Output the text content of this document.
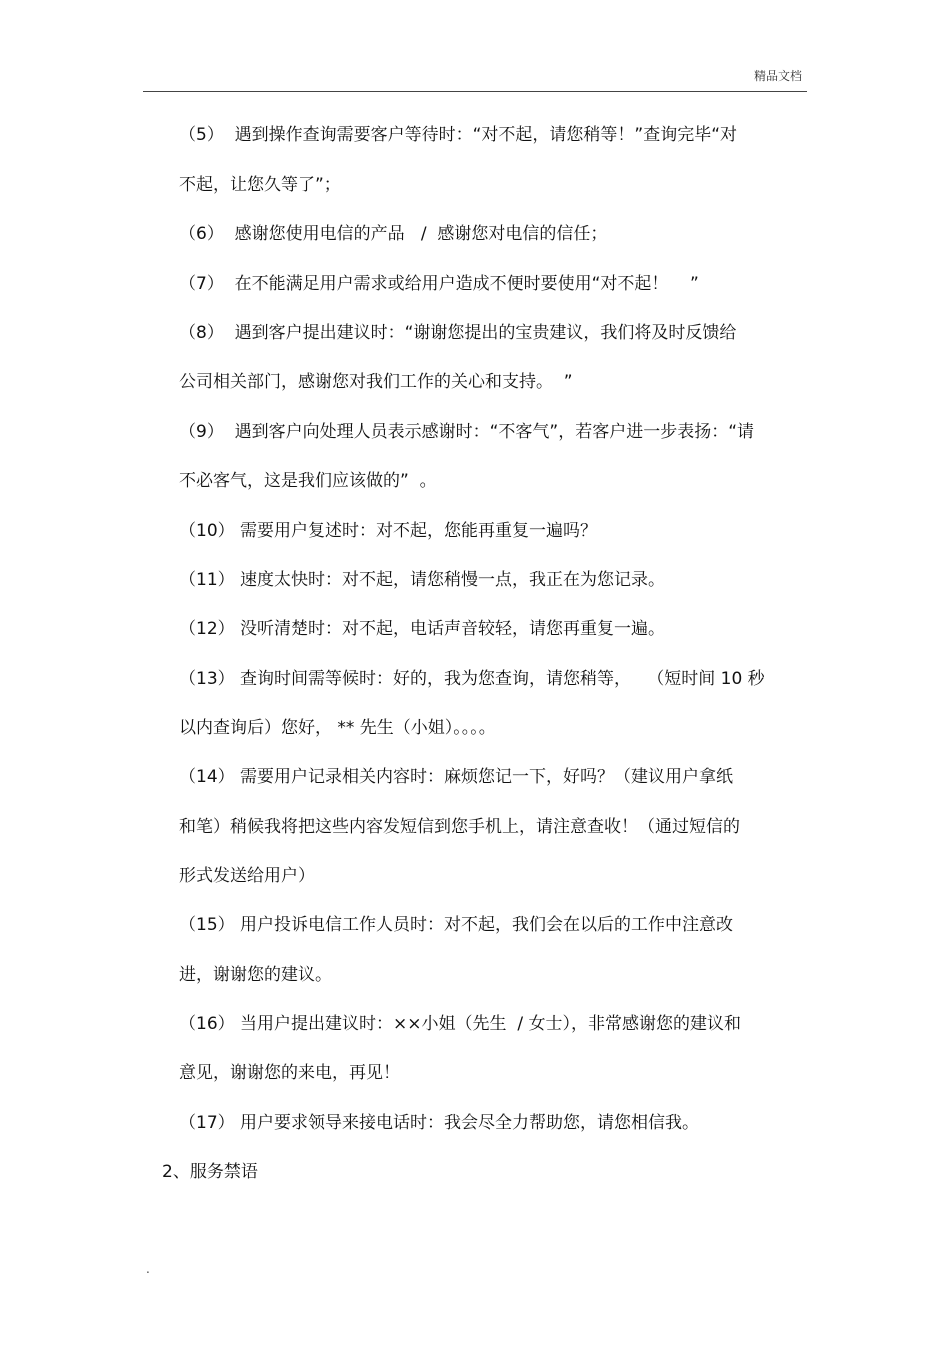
精品文档
（5）  遇到操作查询需要客户等待时：“对不起，请您稍等！”查询完毕“对
不起，让您久等了”；
（6）  感谢您使用电信的产品   /  感谢您对电信的信任；
（7）  在不能满足用户需求或给用户造成不便时要使用“对不起！    ”
（8）  遇到客户提出建议时：“谢谢您提出的宝贵建议，我们将及时反馈给
公司相关部门，感谢您对我们工作的关心和支持。  ”
（9）  遇到客户向处理人员表示感谢时：“不客气”，若客户进一步表扬：“请
不必客气，这是我们应该做的”  。
（10） 需要用户复述时：对不起，您能再重复一遍吗？
（11） 速度太快时：对不起，请您稍慢一点，我正在为您记录。
（12） 没听清楚时：对不起，电话声音较轻，请您再重复一遍。
（13） 查询时间需等候时：好的，我为您查询，请您稍等，   （短时间 10 秒
以内查询后）您好， ** 先生（小姐）。。。。
（14） 需要用户记录相关内容时：麻烦您记一下，好吗？（建议用户拿纸
和笔）稍候我将把这些内容发短信到您手机上，请注意查收！（通过短信的
形式发送给用户）
（15） 用户投诉电信工作人员时：对不起，我们会在以后的工作中注意改
进，谢谢您的建议。
（16） 当用户提出建议时：××小姐（先生  / 女士），非常感谢您的建议和
意见，谢谢您的来电，再见！
（17） 用户要求领导来接电话时：我会尽全力帮助您，请您相信我。
2、服务禁语
.
